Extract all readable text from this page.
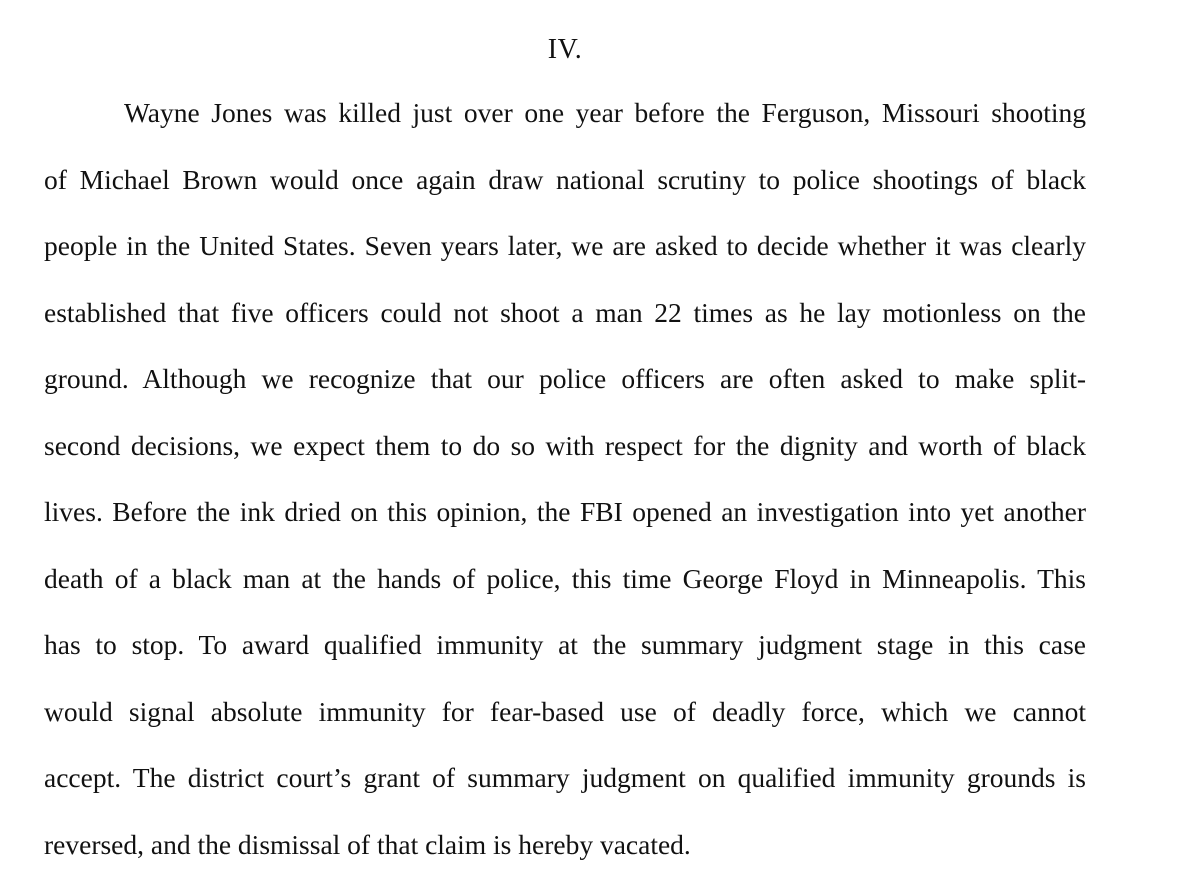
IV.
Wayne Jones was killed just over one year before the Ferguson, Missouri shooting
of Michael Brown would once again draw national scrutiny to police shootings of black
people in the United States. Seven years later, we are asked to decide whether it was clearly
established that five officers could not shoot a man 22 times as he lay motionless on the
ground. Although we recognize that our police officers are often asked to make split-
second decisions, we expect them to do so with respect for the dignity and worth of black
lives. Before the ink dried on this opinion, the FBI opened an investigation into yet another
death of a black man at the hands of police, this time George Floyd in Minneapolis. This
has to stop. To award qualified immunity at the summary judgment stage in this case
would signal absolute immunity for fear-based use of deadly force, which we cannot
accept. The district court’s grant of summary judgment on qualified immunity grounds is
reversed, and the dismissal of that claim is hereby vacated.
